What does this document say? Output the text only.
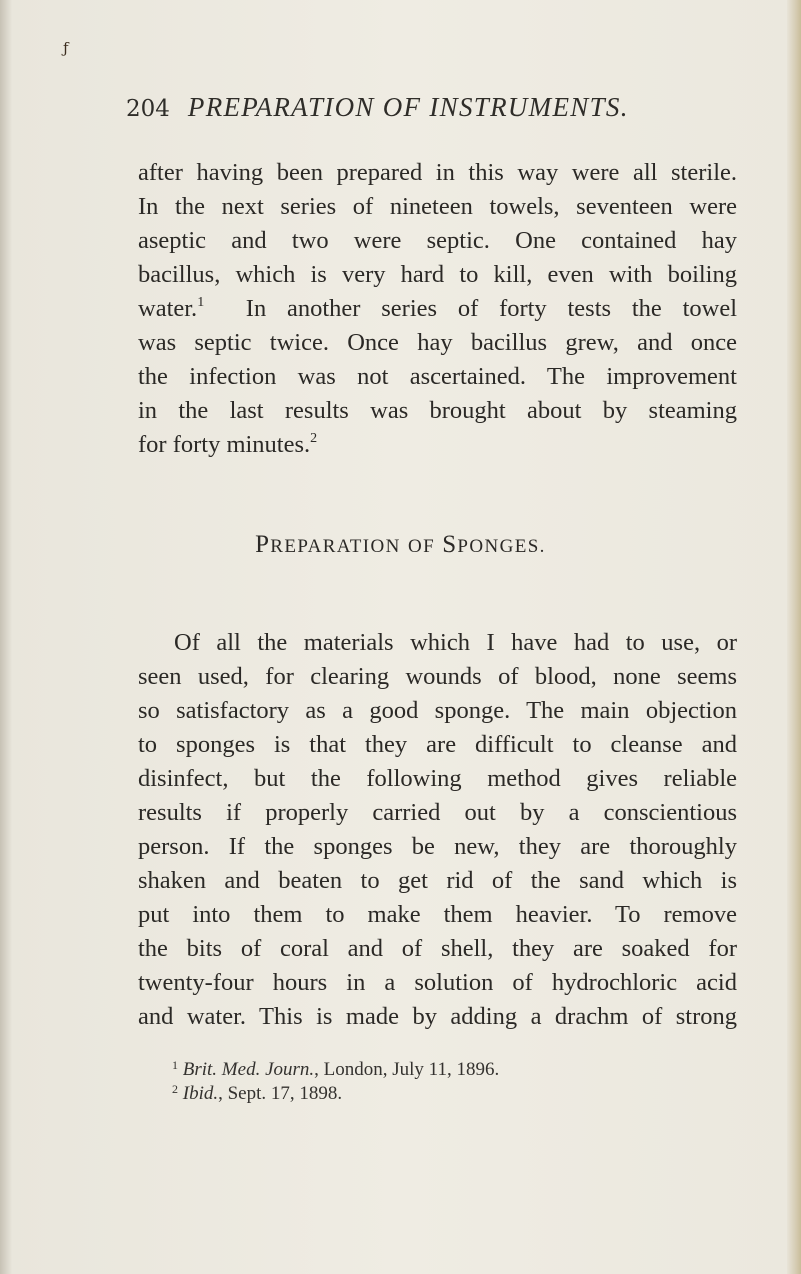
ƒ
204 PREPARATION OF INSTRUMENTS.
after having been prepared in this way were all sterile.
In the next series of nineteen towels, seventeen were
aseptic and two were septic. One contained hay
bacillus, which is very hard to kill, even with boiling
water.$^1$ In another series of forty tests the towel
was septic twice. Once hay bacillus grew, and once
the infection was not ascertained. The improvement
in the last results was brought about by steaming
for forty minutes.$^2$
PREPARATION OF SPONGES.
Of all the materials which I have had to use, or
seen used, for clearing wounds of blood, none seems
so satisfactory as a good sponge. The main objection
to sponges is that they are difficult to cleanse and
disinfect, but the following method gives reliable
results if properly carried out by a conscientious
person. If the sponges be new, they are thoroughly
shaken and beaten to get rid of the sand which is
put into them to make them heavier. To remove
the bits of coral and of shell, they are soaked for
twenty-four hours in a solution of hydrochloric acid
and water. This is made by adding a drachm of strong
$^1$ Brit. Med. Journ., London, July 11, 1896.
$^2$ Ibid., Sept. 17, 1898.
